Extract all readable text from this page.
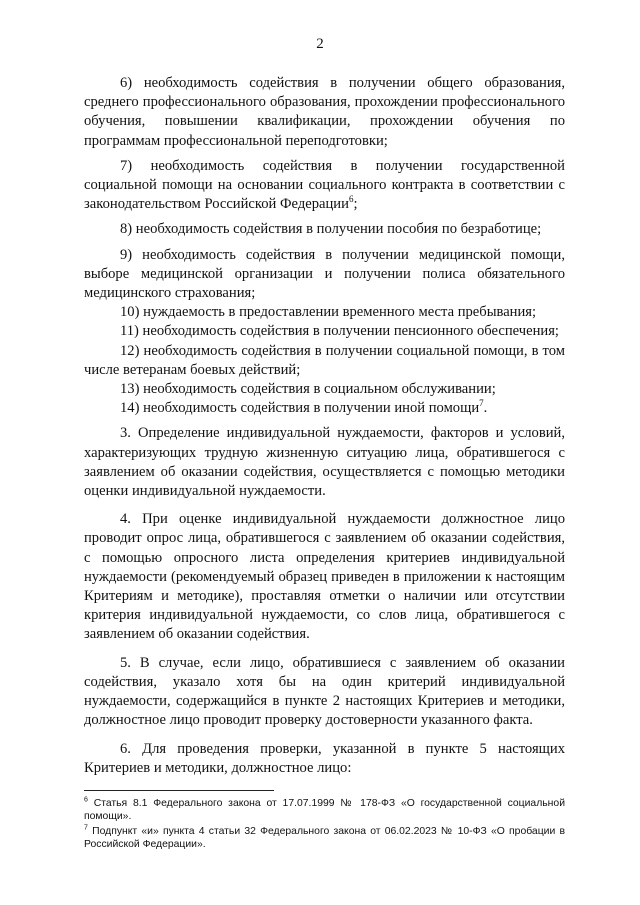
2

6) необходимость содействия в получении общего образования, среднего профессионального образования, прохождении профессионального обучения, повышении квалификации, прохождении обучения по программам профессиональной переподготовки;

7) необходимость содействия в получении государственной социальной помощи на основании социального контракта в соответствии с законодательством Российской Федерации$^6$;

8) необходимость содействия в получении пособия по безработице;

9) необходимость содействия в получении медицинской помощи, выборе медицинской организации и получении полиса обязательного медицинского страхования;

10) нуждаемость в предоставлении временного места пребывания;

11) необходимость содействия в получении пенсионного обеспечения;

12) необходимость содействия в получении социальной помощи, в том числе ветеранам боевых действий;

13) необходимость содействия в социальном обслуживании;

14) необходимость содействия в получении иной помощи$^7$.

3. Определение индивидуальной нуждаемости, факторов и условий, характеризующих трудную жизненную ситуацию лица, обратившегося с заявлением об оказании содействия, осуществляется с помощью методики оценки индивидуальной нуждаемости.

4. При оценке индивидуальной нуждаемости должностное лицо проводит опрос лица, обратившегося с заявлением об оказании содействия, с помощью опросного листа определения критериев индивидуальной нуждаемости (рекомендуемый образец приведен в приложении к настоящим Критериям и методике), проставляя отметки о наличии или отсутствии критерия индивидуальной нуждаемости, со слов лица, обратившегося с заявлением об оказании содействия.

5. В случае, если лицо, обратившиеся с заявлением об оказании содействия, указало хотя бы на один критерий индивидуальной нуждаемости, содержащийся в пункте 2 настоящих Критериев и методики, должностное лицо проводит проверку достоверности указанного факта.

6. Для проведения проверки, указанной в пункте 5 настоящих Критериев и методики, должностное лицо:

$^6$ Статья 8.1 Федерального закона от 17.07.1999 № 178-ФЗ «О государственной социальной помощи».

$^7$ Подпункт «и» пункта 4 статьи 32 Федерального закона от 06.02.2023 № 10-ФЗ «О пробации в Российской Федерации».
